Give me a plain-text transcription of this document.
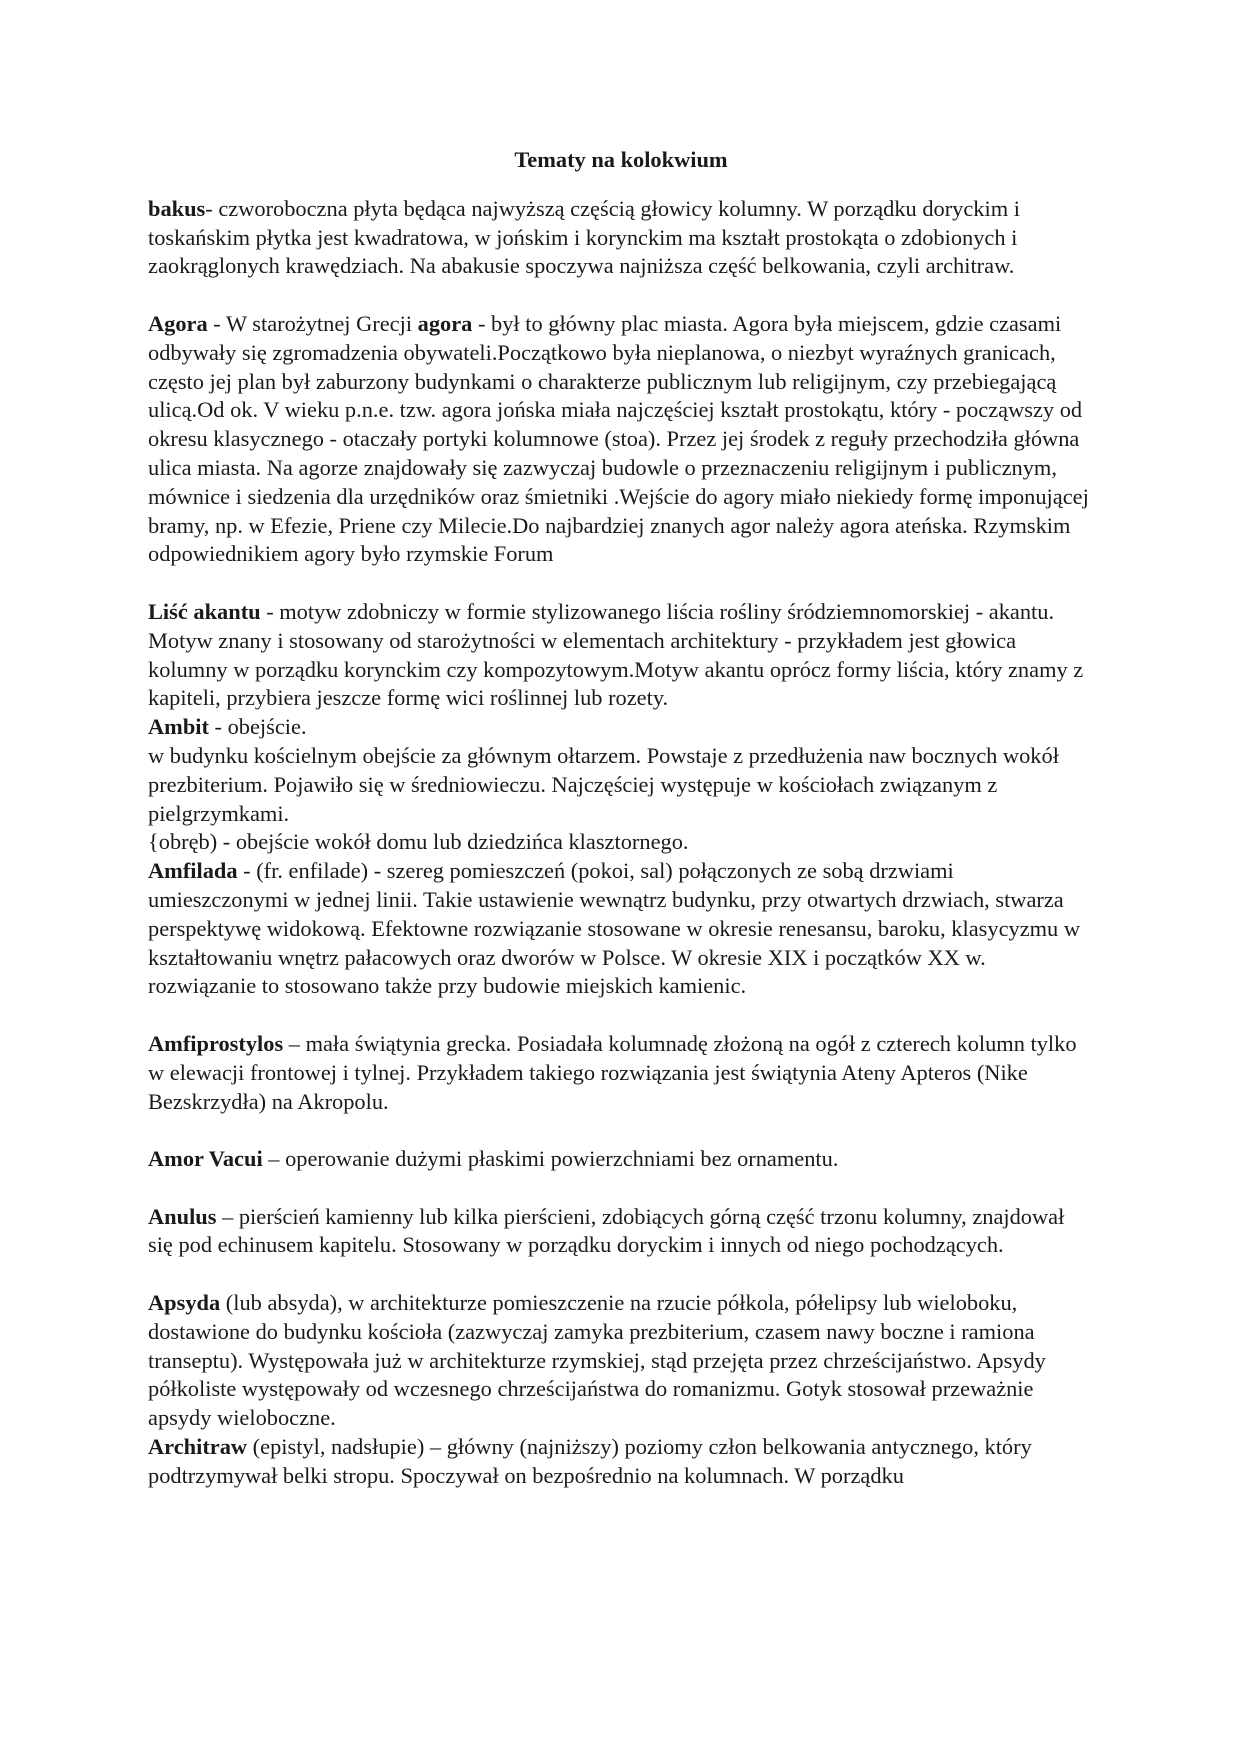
Tematy na kolokwium

bakus- czworoboczna płyta będąca najwyższą częścią głowicy kolumny. W porządku doryckim i toskańskim płytka jest kwadratowa, w jońskim i korynckim ma kształt prostokąta o zdobionych i zaokrąglonych krawędziach. Na abakusie spoczywa najniższa część belkowania, czyli architraw.

Agora - W starożytnej Grecji agora - był to główny plac miasta. Agora była miejscem, gdzie czasami odbywały się zgromadzenia obywateli.Początkowo była nieplanowa, o niezbyt wyraźnych granicach, często jej plan był zaburzony budynkami o charakterze publicznym lub religijnym, czy przebiegającą ulicą.Od ok. V wieku p.n.e. tzw. agora jońska miała najczęściej kształt prostokątu, który - począwszy od okresu klasycznego - otaczały portyki kolumnowe (stoa). Przez jej środek z reguły przechodziła główna ulica miasta. Na agorze znajdowały się zazwyczaj budowle o przeznaczeniu religijnym i publicznym, mównice i siedzenia dla urzędników oraz śmietniki .Wejście do agory miało niekiedy formę imponującej bramy, np. w Efezie, Priene czy Milecie.Do najbardziej znanych agor należy agora ateńska. Rzymskim odpowiednikiem agory było rzymskie Forum

Liść akantu - motyw zdobniczy w formie stylizowanego liścia rośliny śródziemnomorskiej - akantu. Motyw znany i stosowany od starożytności w elementach architektury - przykładem jest głowica kolumny w porządku korynckim czy kompozytowym.Motyw akantu oprócz formy liścia, który znamy z kapiteli, przybiera jeszcze formę wici roślinnej lub rozety.

Ambit - obejście.
w budynku kościelnym obejście za głównym ołtarzem. Powstaje z przedłużenia naw bocznych wokół prezbiterium. Pojawiło się w średniowieczu. Najczęściej występuje w kościołach związanym z pielgrzymkami.
{obręb) - obejście wokół domu lub dziedzińca klasztornego.

Amfilada - (fr. enfilade) - szereg pomieszczeń (pokoi, sal) połączonych ze sobą drzwiami umieszczonymi w jednej linii. Takie ustawienie wewnątrz budynku, przy otwartych drzwiach, stwarza perspektywę widokową. Efektowne rozwiązanie stosowane w okresie renesansu, baroku, klasycyzmu w kształtowaniu wnętrz pałacowych oraz dworów w Polsce. W okresie XIX i początków XX w. rozwiązanie to stosowano także przy budowie miejskich kamienic.

Amfiprostylos – mała świątynia grecka. Posiadała kolumnadę złożoną na ogół z czterech kolumn tylko w elewacji frontowej i tylnej. Przykładem takiego rozwiązania jest świątynia Ateny Apteros (Nike Bezskrzydła) na Akropolu.

Amor Vacui – operowanie dużymi płaskimi powierzchniami bez ornamentu.

Anulus – pierścień kamienny lub kilka pierścieni, zdobiących górną część trzonu kolumny, znajdował się pod echinusem kapitelu. Stosowany w porządku doryckim i innych od niego pochodzących.

Apsyda (lub absyda), w architekturze pomieszczenie na rzucie półkola, półelipsy lub wieloboku, dostawione do budynku kościoła (zazwyczaj zamyka prezbiterium, czasem nawy boczne i ramiona transeptu). Występowała już w architekturze rzymskiej, stąd przejęta przez chrześcijaństwo. Apsydy półkoliste występowały od wczesnego chrześcijaństwa do romanizmu. Gotyk stosował przeważnie apsydy wieloboczne.

Architraw (epistyl, nadsłupie) – główny (najniższy) poziomy człon belkowania antycznego, który podtrzymywał belki stropu. Spoczywał on bezpośrednio na kolumnach. W porządku
